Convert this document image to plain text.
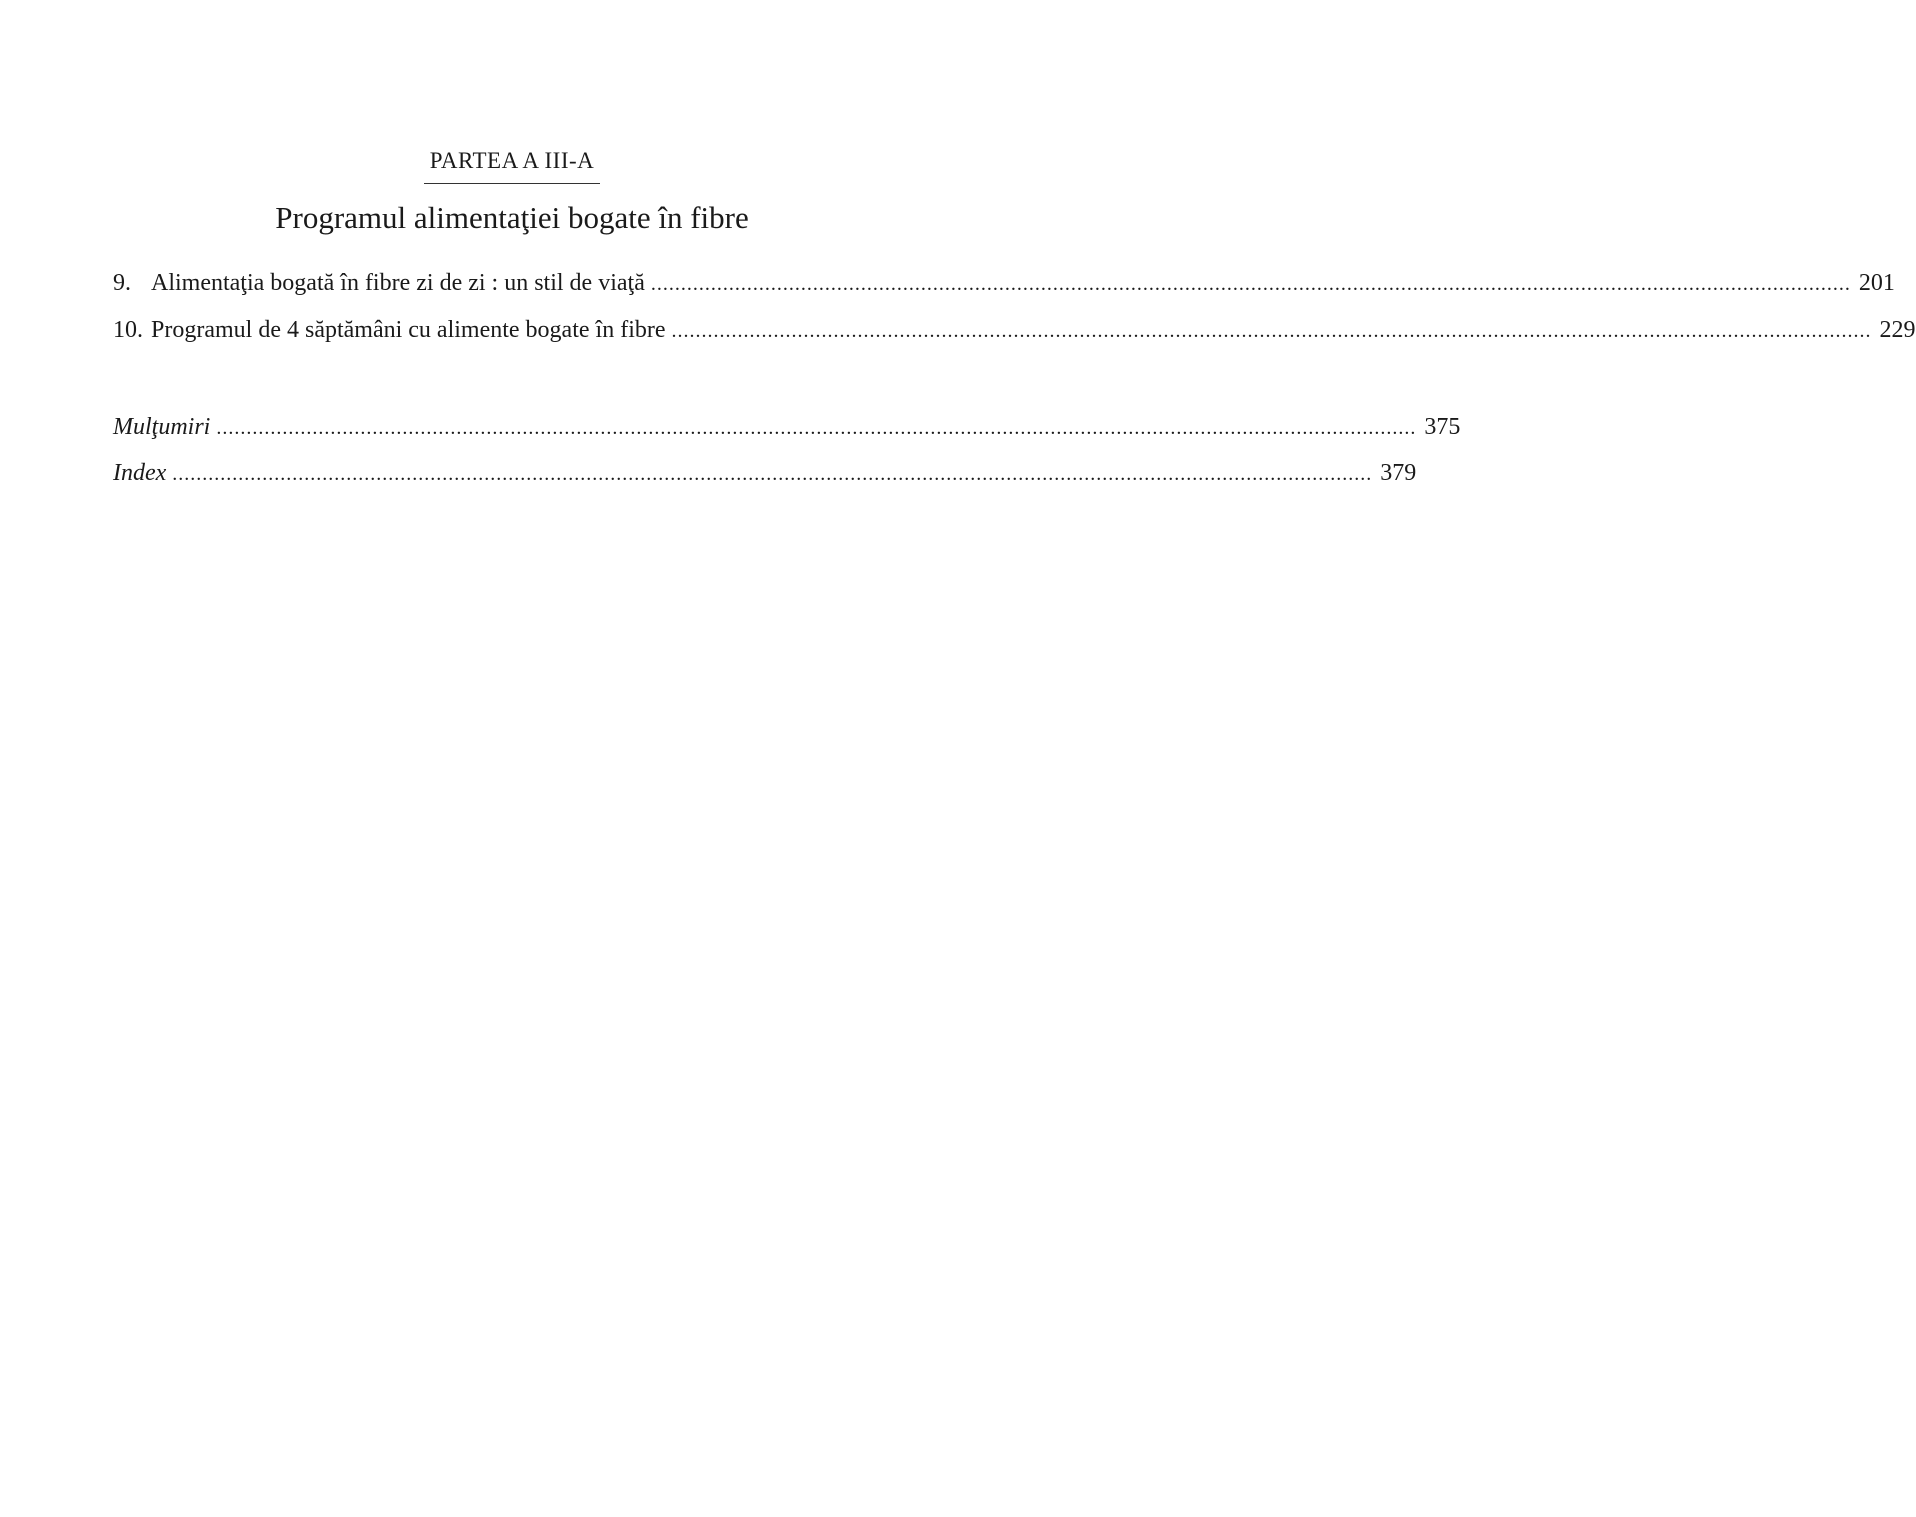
PARTEA A III-A
Programul alimentaţiei bogate în fibre
9. Alimentaţia bogată în fibre zi de zi : un stil de viaţă ........................................................................................................................................................................................................ 201
10. Programul de 4 săptămâni cu alimente bogate în fibre ........................................................................................................................................................................................................ 229
Mulţumiri ........................................................................................................................................................................................................ 375
Index ........................................................................................................................................................................................................ 379
